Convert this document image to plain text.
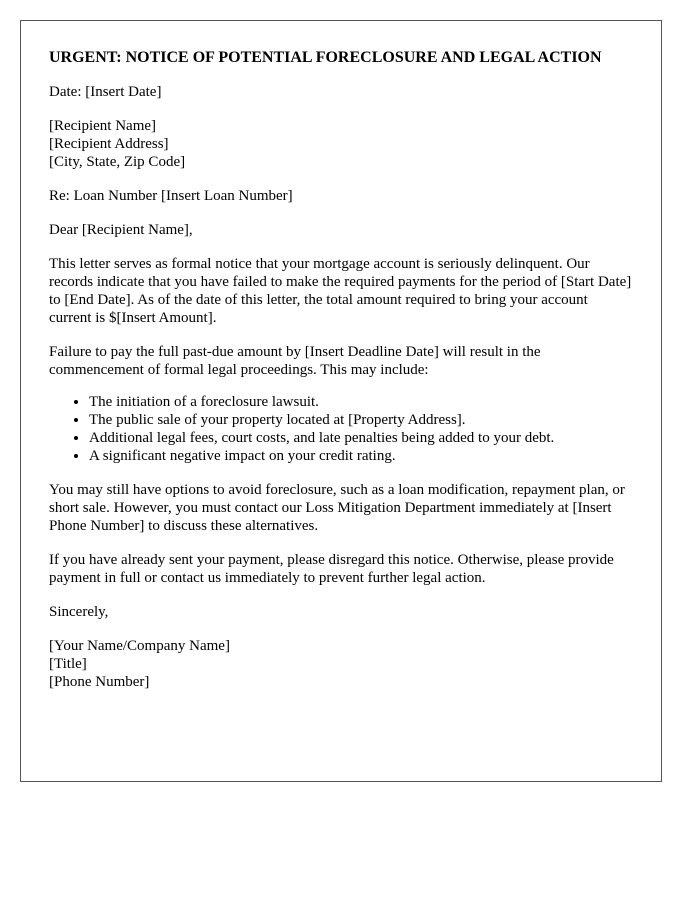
URGENT: NOTICE OF POTENTIAL FORECLOSURE AND LEGAL ACTION

Date: [Insert Date]

[Recipient Name]
[Recipient Address]
[City, State, Zip Code]

Re: Loan Number [Insert Loan Number]

Dear [Recipient Name],

This letter serves as formal notice that your mortgage account is seriously delinquent. Our records indicate that you have failed to make the required payments for the period of [Start Date] to [End Date]. As of the date of this letter, the total amount required to bring your account current is $[Insert Amount].

Failure to pay the full past-due amount by [Insert Deadline Date] will result in the commencement of formal legal proceedings. This may include:

• The initiation of a foreclosure lawsuit.
• The public sale of your property located at [Property Address].
• Additional legal fees, court costs, and late penalties being added to your debt.
• A significant negative impact on your credit rating.

You may still have options to avoid foreclosure, such as a loan modification, repayment plan, or short sale. However, you must contact our Loss Mitigation Department immediately at [Insert Phone Number] to discuss these alternatives.

If you have already sent your payment, please disregard this notice. Otherwise, please provide payment in full or contact us immediately to prevent further legal action.

Sincerely,

[Your Name/Company Name]
[Title]
[Phone Number]
